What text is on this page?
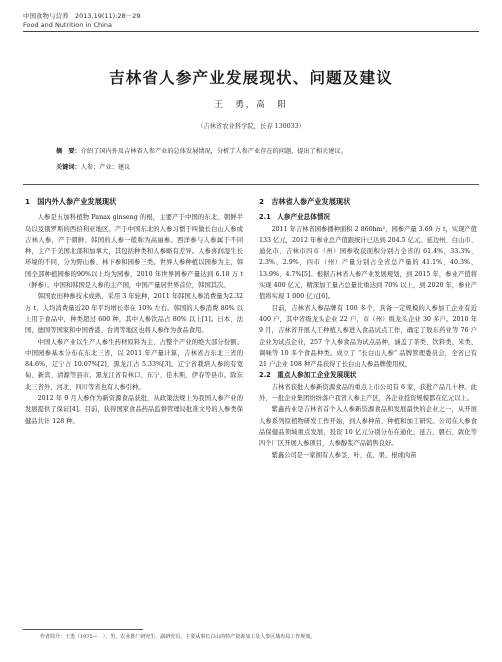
中国食物与营养　2013,19(11):28－29
Food and Nutrition in China
吉林省人参产业发展现状、问题及建议
王　勇，高　阳
（吉林省农业科学院，长春 130033）
摘　要：介绍了国内外及吉林省人参产业的总体发展情况，分析了人参产业存在的问题，提出了相关建议。
关键词：人参；产业；建议
1　国内外人参产业发展现状

人参是五加科植物 Panax ginseng 的根，主要产于中国的东北、朝鲜半岛以及俄罗斯的西伯利亚地区。产于中国东北的人参习惯于叫做长白山人参或吉林人参，产于朝鲜、韩国的人参一般称为高丽参。西洋参与人参属于不同种，主产于美国北部和加拿大，其包括种类和人参略有差异。人参喜润湿生长环境的不同，分为野山参、林下参和园参三类。世界人参种植以园参为主，韩国全部种植园参的90%以上均为园参，2010 年世界园参产量达到 6.18 万 t（鲜参）。中国和韩国是人参的主产国，中国产量居世界首位，韩国其次。

韩国农田种参技术成熟，采用 3 年轮种，2011 年韩国人参消费量为2.32 万 t，人均消费量近20 年平均增长率在 10% 左右。韩国的人参消费 80% 以上用于食品中，种类超过 600 种，其中人参饮品占 80% 以上[1]。日本、法国、德国等国家和中国香港、台湾等地区也将人参作为食品食用。

中国人参产业以生产人参生药材原料为主，占整个产业的绝大部分份额。中国园参基本分布在东北三省，以 2011 年产量计算，吉林省占东北三省的 84.6%，辽宁占 10.07%[2]，黑龙江占 5.33%[3]。辽宁省栽培人参的有宽甸、新宾、清源等县市。黑龙江省有林口、东宁、佳木斯、伊春等县市。除东北三省外，河北、四川等省也有人参引种。

2012 年 9 月人参作为新资源食品获批，从政策法规上为我国人参产业的发展提供了保证[4]。目前，获得国家食品药品监督管理局批准文号的人参类保健品共计 128 种。

2　吉林省人参产业发展现状
2.1　人参产业总体情况

2011 年吉林省园参播种面积 2 860hm²，园参产量 3.69 万 t，实现产值 133 亿元，2012 年参业总产值跟统计已达到 204.5 亿元。延边州、白山市、通化市、吉林市四市（州）园参收获面积分别占全省的 61.4%、33.3%、2.3%、2.9%，四市（州）产量分别占全省总产量的 41.1%、40.3%、13.9%、4.7%[5]。根据吉林省人参产业发展规划，到 2015 年，参业产值将实现 400 亿元，精深加工量占总量比重达到 70% 以上，到 2020 年，参业产值将实现 1 000 亿元[6]。

目前，吉林省人参品牌有 100 多个，具备一定规模的人参加工企业有近 400 户，其中省级龙头企业 22 户，市（州）级龙头企业 30 多户。2010 年 9 月，吉林省开展人工种植人参进入食品试点工作，确定了敖东药业等 76 户企业为试点企业，257 个人参食品为试点品种，涵盖了茶类、饮料类、米类、调味等 10 多个食品种类。成立了 “长白山人参” 品牌管理委员会，全省已有 21 户企业 108 种产品获得了长白山人参品牌使用权。

2.2　重点人参加工企业发展现状

吉林省获批人参新资源食品的重点上市公司有 6 家，获批产品几十种。此外，一批企业集团纷纷落户我省人参主产区，各企业投资规模都在亿元以上。

紫鑫药业是吉林省首个入人参新资源食品和发展最快的企业之一，从开展人参系列原植物研发工作开始，到人参种苗、种植和加工研究。公司在人参食品保健品领域重点发展，投资 10 亿元分别分布在通化、延吉、磐石、敦化等四个厂区开展人参项目，人参醇浆产品销售良好。

紫鑫公司是一家拥有人参茎、叶、花、果、根或肉苗

作者简介：王勇（1975—　），男，农业推广研究生，副研究员，主要从事长白山的特产资源加工及人参区域布局工作规划。
